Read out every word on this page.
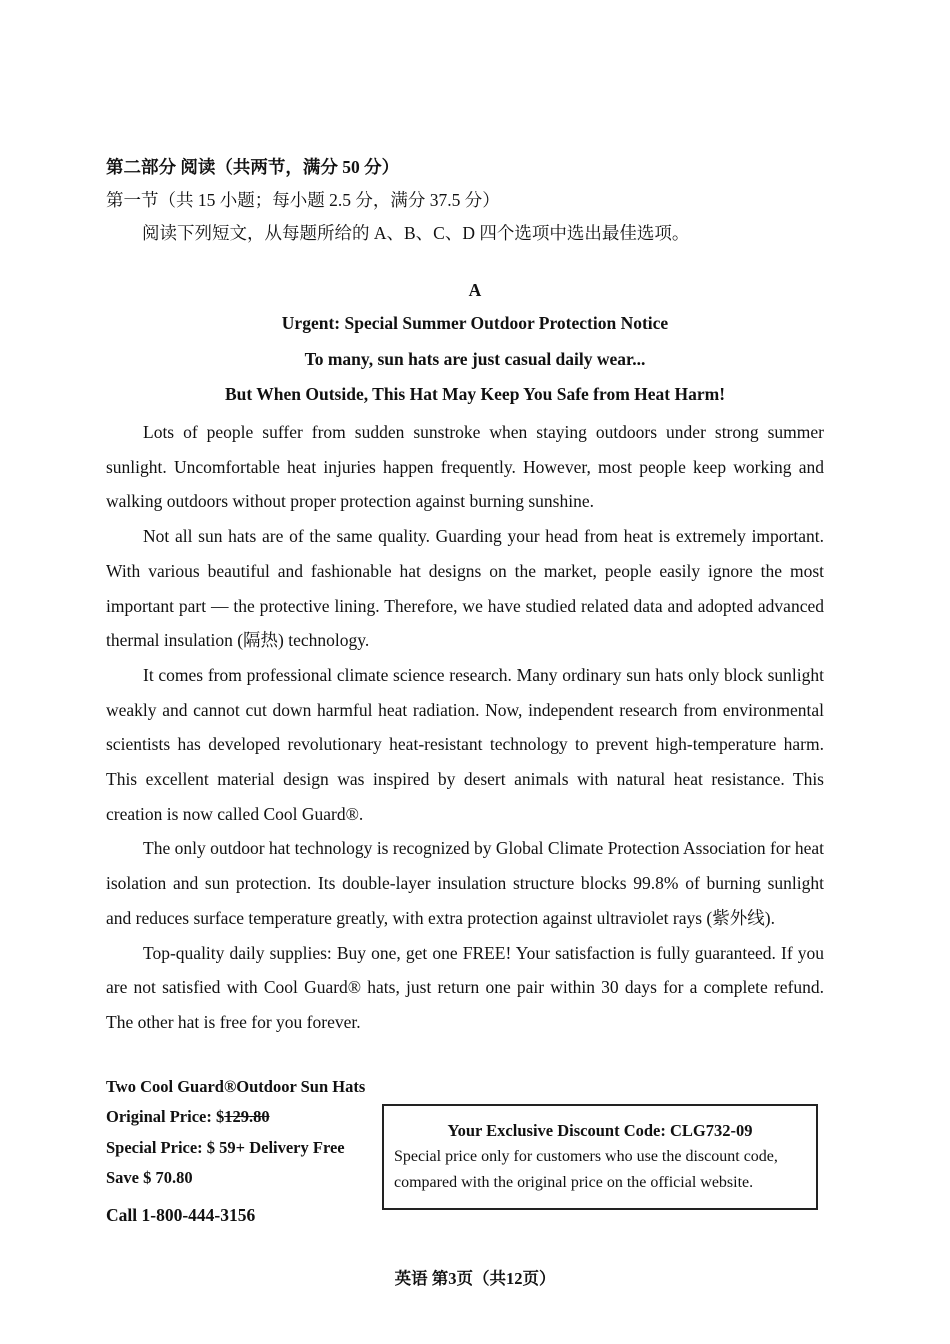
第二部分 阅读（共两节，满分 50 分）
第一节（共 15 小题；每小题 2.5 分，满分 37.5 分）
阅读下列短文，从每题所给的 A、B、C、D 四个选项中选出最佳选项。
A
Urgent: Special Summer Outdoor Protection Notice
To many, sun hats are just casual daily wear...
But When Outside, This Hat May Keep You Safe from Heat Harm!

Lots of people suffer from sudden sunstroke when staying outdoors under strong summer sunlight. Uncomfortable heat injuries happen frequently. However, most people keep working and walking outdoors without proper protection against burning sunshine.

Not all sun hats are of the same quality. Guarding your head from heat is extremely important. With various beautiful and fashionable hat designs on the market, people easily ignore the most important part — the protective lining. Therefore, we have studied related data and adopted advanced thermal insulation (隔热) technology.

It comes from professional climate science research. Many ordinary sun hats only block sunlight weakly and cannot cut down harmful heat radiation. Now, independent research from environmental scientists has developed revolutionary heat-resistant technology to prevent high-temperature harm. This excellent material design was inspired by desert animals with natural heat resistance. This creation is now called Cool Guard®.

The only outdoor hat technology is recognized by Global Climate Protection Association for heat isolation and sun protection. Its double-layer insulation structure blocks 99.8% of burning sunlight and reduces surface temperature greatly, with extra protection against ultraviolet rays (紫外线).

Top-quality daily supplies: Buy one, get one FREE! Your satisfaction is fully guaranteed. If you are not satisfied with Cool Guard® hats, just return one pair within 30 days for a complete refund. The other hat is free for you forever.

Two Cool Guard®Outdoor Sun Hats
Original Price: $129.80
Special Price: $ 59+ Delivery Free
Save $ 70.80
Call 1-800-444-3156
Your Exclusive Discount Code: CLG732-09
Special price only for customers who use the discount code, compared with the original price on the official website.
英语 第3页（共12页）
